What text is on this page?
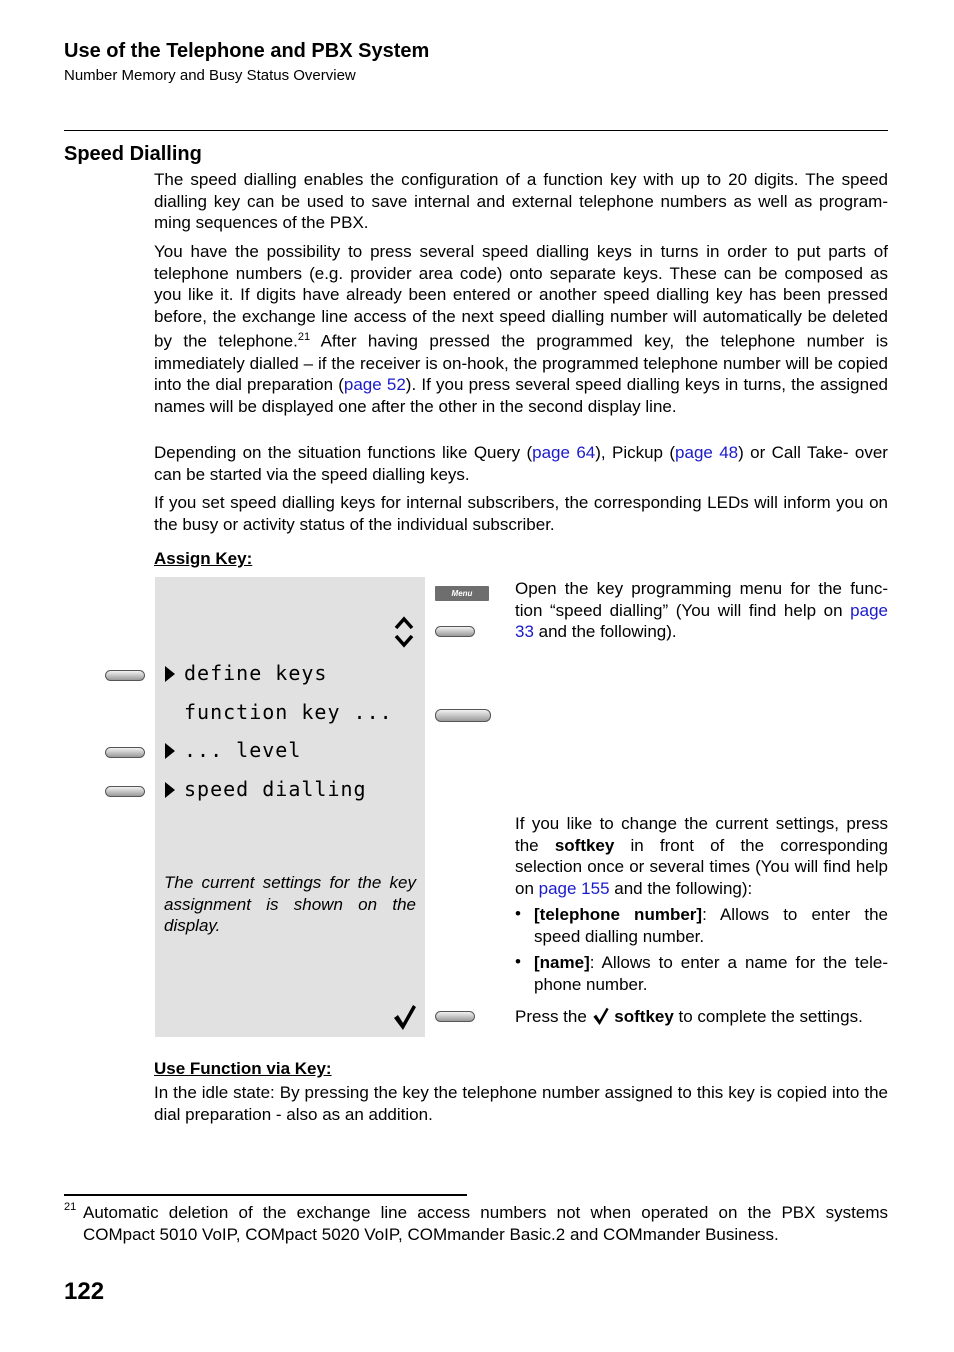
Use of the Telephone and PBX System
Number Memory and Busy Status Overview
Speed Dialling
The speed dialling enables the configuration of a function key with up to 20 digits. The speed dialling key can be used to save internal and external telephone numbers as well as program- ming sequences of the PBX.
You have the possibility to press several speed dialling keys in turns in order to put parts of telephone numbers (e.g. provider area code) onto separate keys. These can be composed as you like it. If digits have already been entered or another speed dialling key has been pressed before, the exchange line access of the next speed dialling number will automatically be deleted by the telephone.$^{21}$ After having pressed the programmed key, the telephone number is immediately dialled – if the receiver is on-hook, the programmed telephone number will be copied into the dial preparation (page 52). If you press several speed dialling keys in turns, the assigned names will be displayed one after the other in the second display line.
Depending on the situation functions like Query (page 64), Pickup (page 48) or Call Take- over can be started via the speed dialling keys.
If you set speed dialling keys for internal subscribers, the corresponding LEDs will inform you on the busy or activity status of the individual subscriber.
Assign Key:
define keys
function key ...
... level
speed dialling
The current settings for the key assignment is shown on the display.
Menu	Open the key programming menu for the func- tion “speed dialling” (You will find help on page 33 and the following).
If you like to change the current settings, press the softkey in front of the corresponding selection once or several times (You will find help on page 155 and the following):
• [telephone number]: Allows to enter the speed dialling number.
• [name]: Allows to enter a name for the tele- phone number.
Press the  softkey to complete the settings.
Use Function via Key:
In the idle state: By pressing the key the telephone number assigned to this key is copied into the dial preparation - also as an addition.
21 Automatic deletion of the exchange line access numbers not when operated on the PBX systems COMpact 5010 VoIP, COMpact 5020 VoIP, COMmander Basic.2 and COMmander Business.
122
